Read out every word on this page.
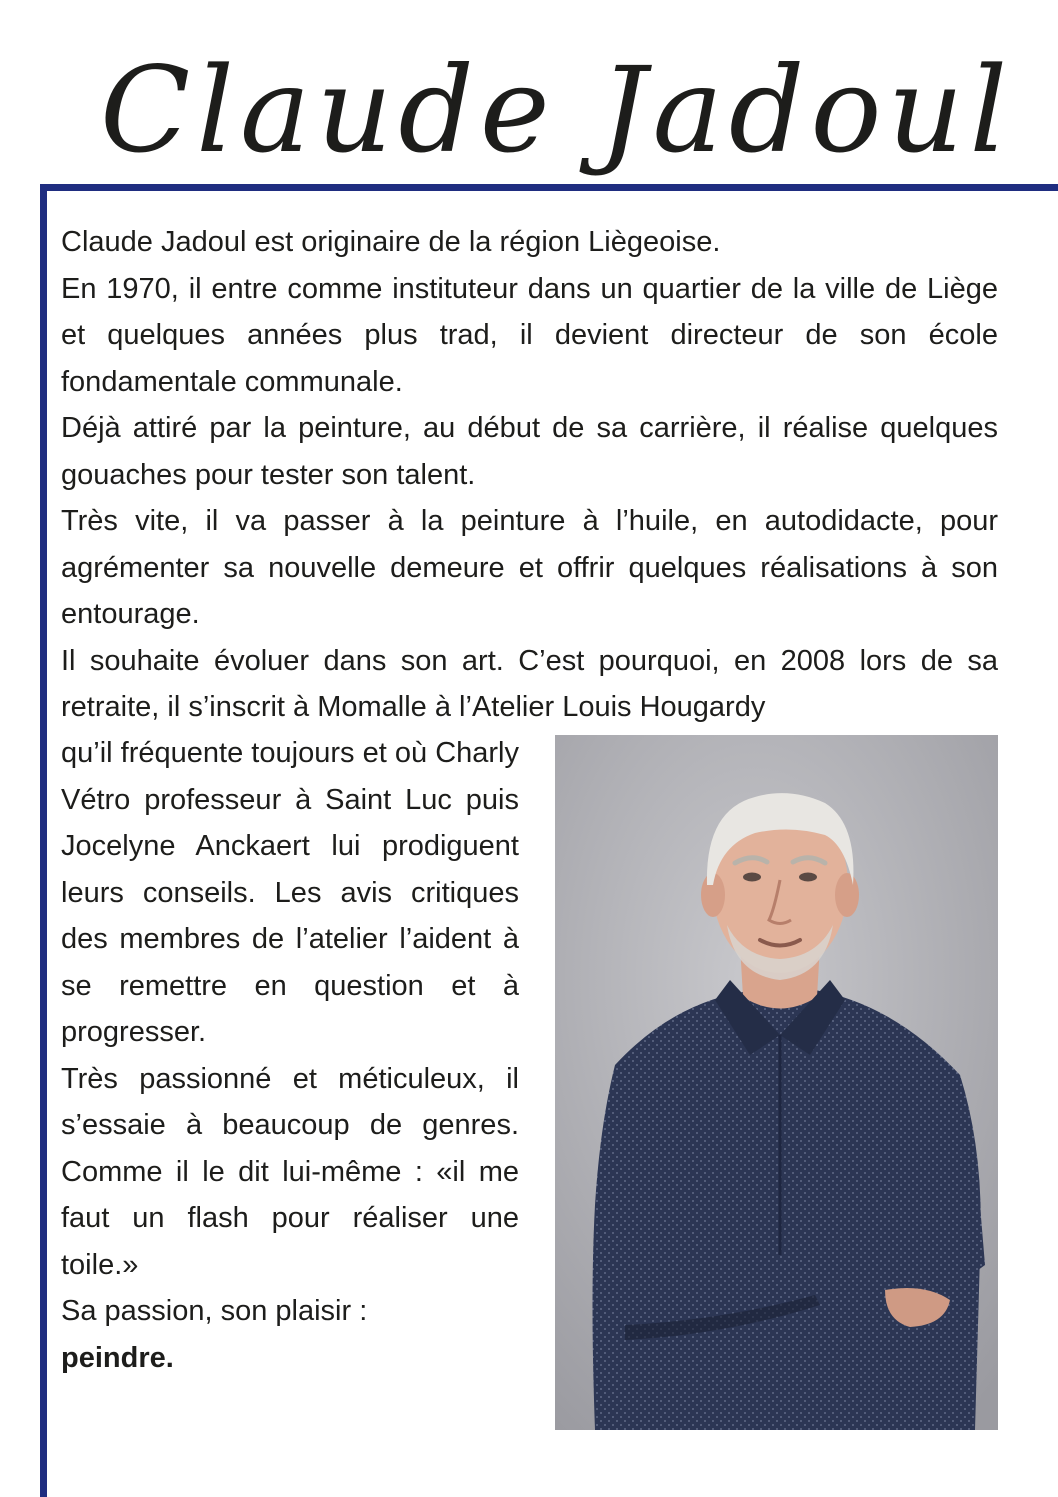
Claude Jadoul

Claude Jadoul est originaire de la région Liègeoise.

En 1970, il entre comme instituteur dans un quartier de la ville de Liège et quelques années plus trad, il devient directeur de son école fondamentale communale.

Déjà attiré par la peinture, au début de sa carrière, il réalise quelques gouaches pour tester son talent.

Très vite, il va passer à la peinture à l’huile, en autodidacte, pour agrémenter sa nouvelle demeure et offrir quelques réalisations à son entourage.

Il souhaite évoluer dans son art. C’est pourquoi, en 2008 lors de sa retraite, il s’inscrit à Momalle à l’Atelier Louis Hougardy

qu’il fréquente toujours et où Charly Vétro professeur à Saint Luc puis Jocelyne Anckaert lui prodiguent leurs conseils. Les avis critiques des membres de l’atelier l’aident à se remettre en question et à progresser.

Très passionné et méticuleux, il s’essaie à beaucoup de genres. Comme il le dit lui-même : «il me faut un flash pour réaliser une toile.»

Sa passion, son plaisir :
peindre.
